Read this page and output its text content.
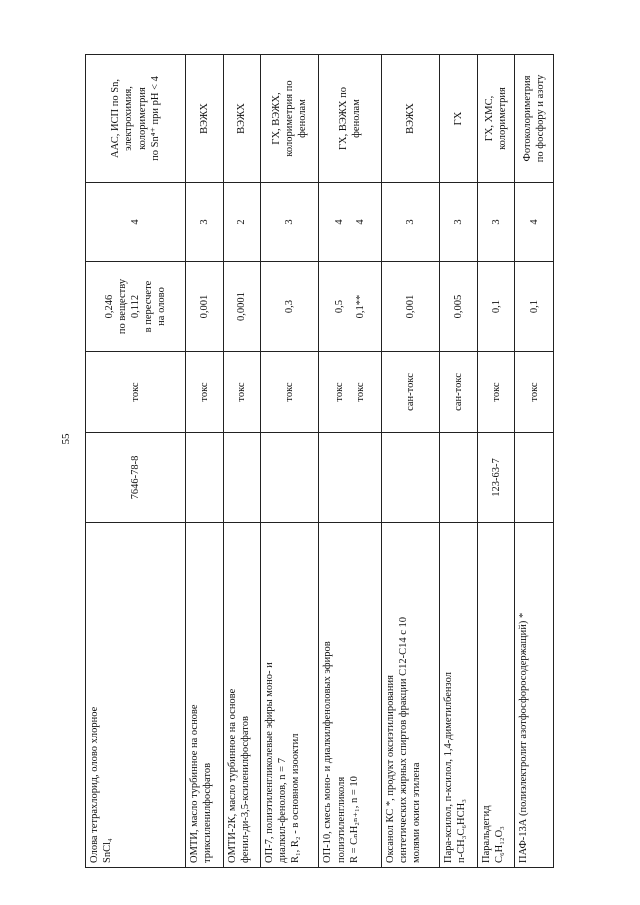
55
Олова тетрахлорид, олово хлорное SnCl₄	7646-78-8	токс	0,246 по веществу 0,112 в пересчете на олово	4	ААС, ИСП по Sn, электрохимия, колориметрия по Sn⁴⁺ при pH < 4

ОМТИ, масло турбинное на основе триксиленилфосфатов		токс	0,001	3	ВЭЖХ

ОМТИ-2К, масло турбинное на основе фенил-ди-3,5-ксиленилфосфатов		токс	0,0001	2	ВЭЖХ

ОП-7, полиэтиленгликолевые эфиры моно- и диалкил-фенолов, n = 7 R₁, R₂ - в основном изооктил		токс	0,3	3	ГХ, ВЭЖХ, колориметрия по фенолам

ОП-10, смесь моно- и диалкилфеноловых эфиров полиэтиленгликоля R = CₙH₂ₙ₊₁, n = 10		токс токс	0,5 0,1**	4 4	ГХ, ВЭЖХ по фенолам

Оксанол КС *, продукт оксиэтилирования синтетических жирных спиртов фракции С12-С14 с 10 молями окиси этилена		сан-токс	0,001	3	ВЭЖХ

Пара-ксилол, п-ксилол, 1,4-диметилбензол п-CH₃C₆HCH₃		сан-токс	0,005	3	ГХ

Паральдегид C₆H₁₂O₃	123-63-7	токс	0,1	3	ГХ, ХМС, колориметрия

ПАФ-13А (полиэлектролит азотфосфоросодержащий) *		токс	0,1	4	Фотоколориметрия по фосфору и азоту
